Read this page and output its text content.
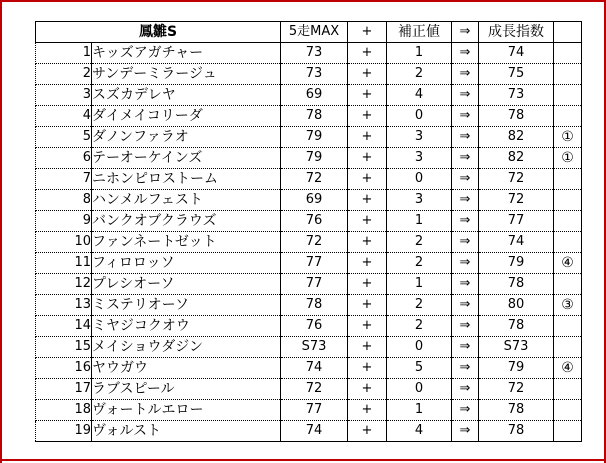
鳳雛S		5走MAX	+	補正値	⇒	成長指数	
1	キッズアガチャー	73	+	1	⇒	74	
2	サンデーミラージュ	73	+	2	⇒	75	
3	スズカデレヤ	69	+	4	⇒	73	
4	ダイメイコリーダ	78	+	0	⇒	78	
5	ダノンファラオ	79	+	3	⇒	82	①
6	テーオーケインズ	79	+	3	⇒	82	①
7	ニホンピロストーム	72	+	0	⇒	72	
8	ハンメルフェスト	69	+	3	⇒	72	
9	バンクオブクラウズ	76	+	1	⇒	77	
10	ファンネートゼット	72	+	2	⇒	74	
11	フィロロッソ	77	+	2	⇒	79	④
12	プレシオーソ	77	+	1	⇒	78	
13	ミステリオーソ	78	+	2	⇒	80	③
14	ミヤジコクオウ	76	+	2	⇒	78	
15	メイショウダジン	S73	+	0	⇒	S73	
16	ヤウガウ	74	+	5	⇒	79	④
17	ラブスピール	72	+	0	⇒	72	
18	ヴォートルエロー	77	+	1	⇒	78	
19	ヴォルスト	74	+	4	⇒	78	
